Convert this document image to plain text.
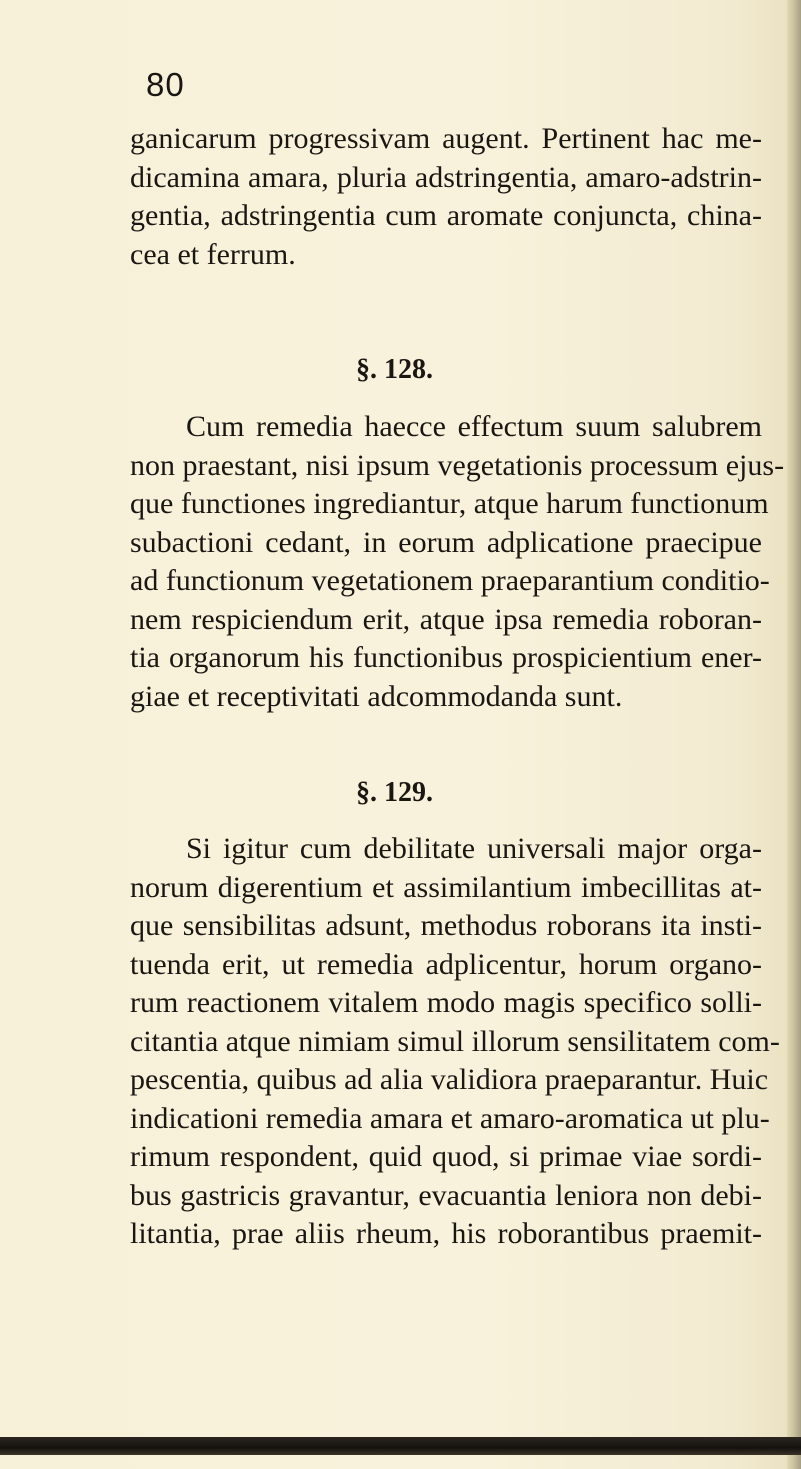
80
ganicarum progressivam augent. Pertinent hac me-
dicamina amara, pluria adstringentia, amaro-adstrin-
gentia, adstringentia cum aromate conjuncta, china-
cea et ferrum.
§. 128.
Cum remedia haecce effectum suum salubrem
non praestant, nisi ipsum vegetationis processum ejus-
que functiones ingrediantur, atque harum functionum
subactioni cedant, in eorum adplicatione praecipue
ad functionum vegetationem praeparantium conditio-
nem respiciendum erit, atque ipsa remedia roboran-
tia organorum his functionibus prospicientium ener-
giae et receptivitati adcommodanda sunt.
§. 129.
Si igitur cum debilitate universali major orga-
norum digerentium et assimilantium imbecillitas at-
que sensibilitas adsunt, methodus roborans ita insti-
tuenda erit, ut remedia adplicentur, horum organo-
rum reactionem vitalem modo magis specifico solli-
citantia atque nimiam simul illorum sensilitatem com-
pescentia, quibus ad alia validiora praeparantur. Huic
indicationi remedia amara et amaro-aromatica ut plu-
rimum respondent, quid quod, si primae viae sordi-
bus gastricis gravantur, evacuantia leniora non debi-
litantia, prae aliis rheum, his roborantibus praemit-
